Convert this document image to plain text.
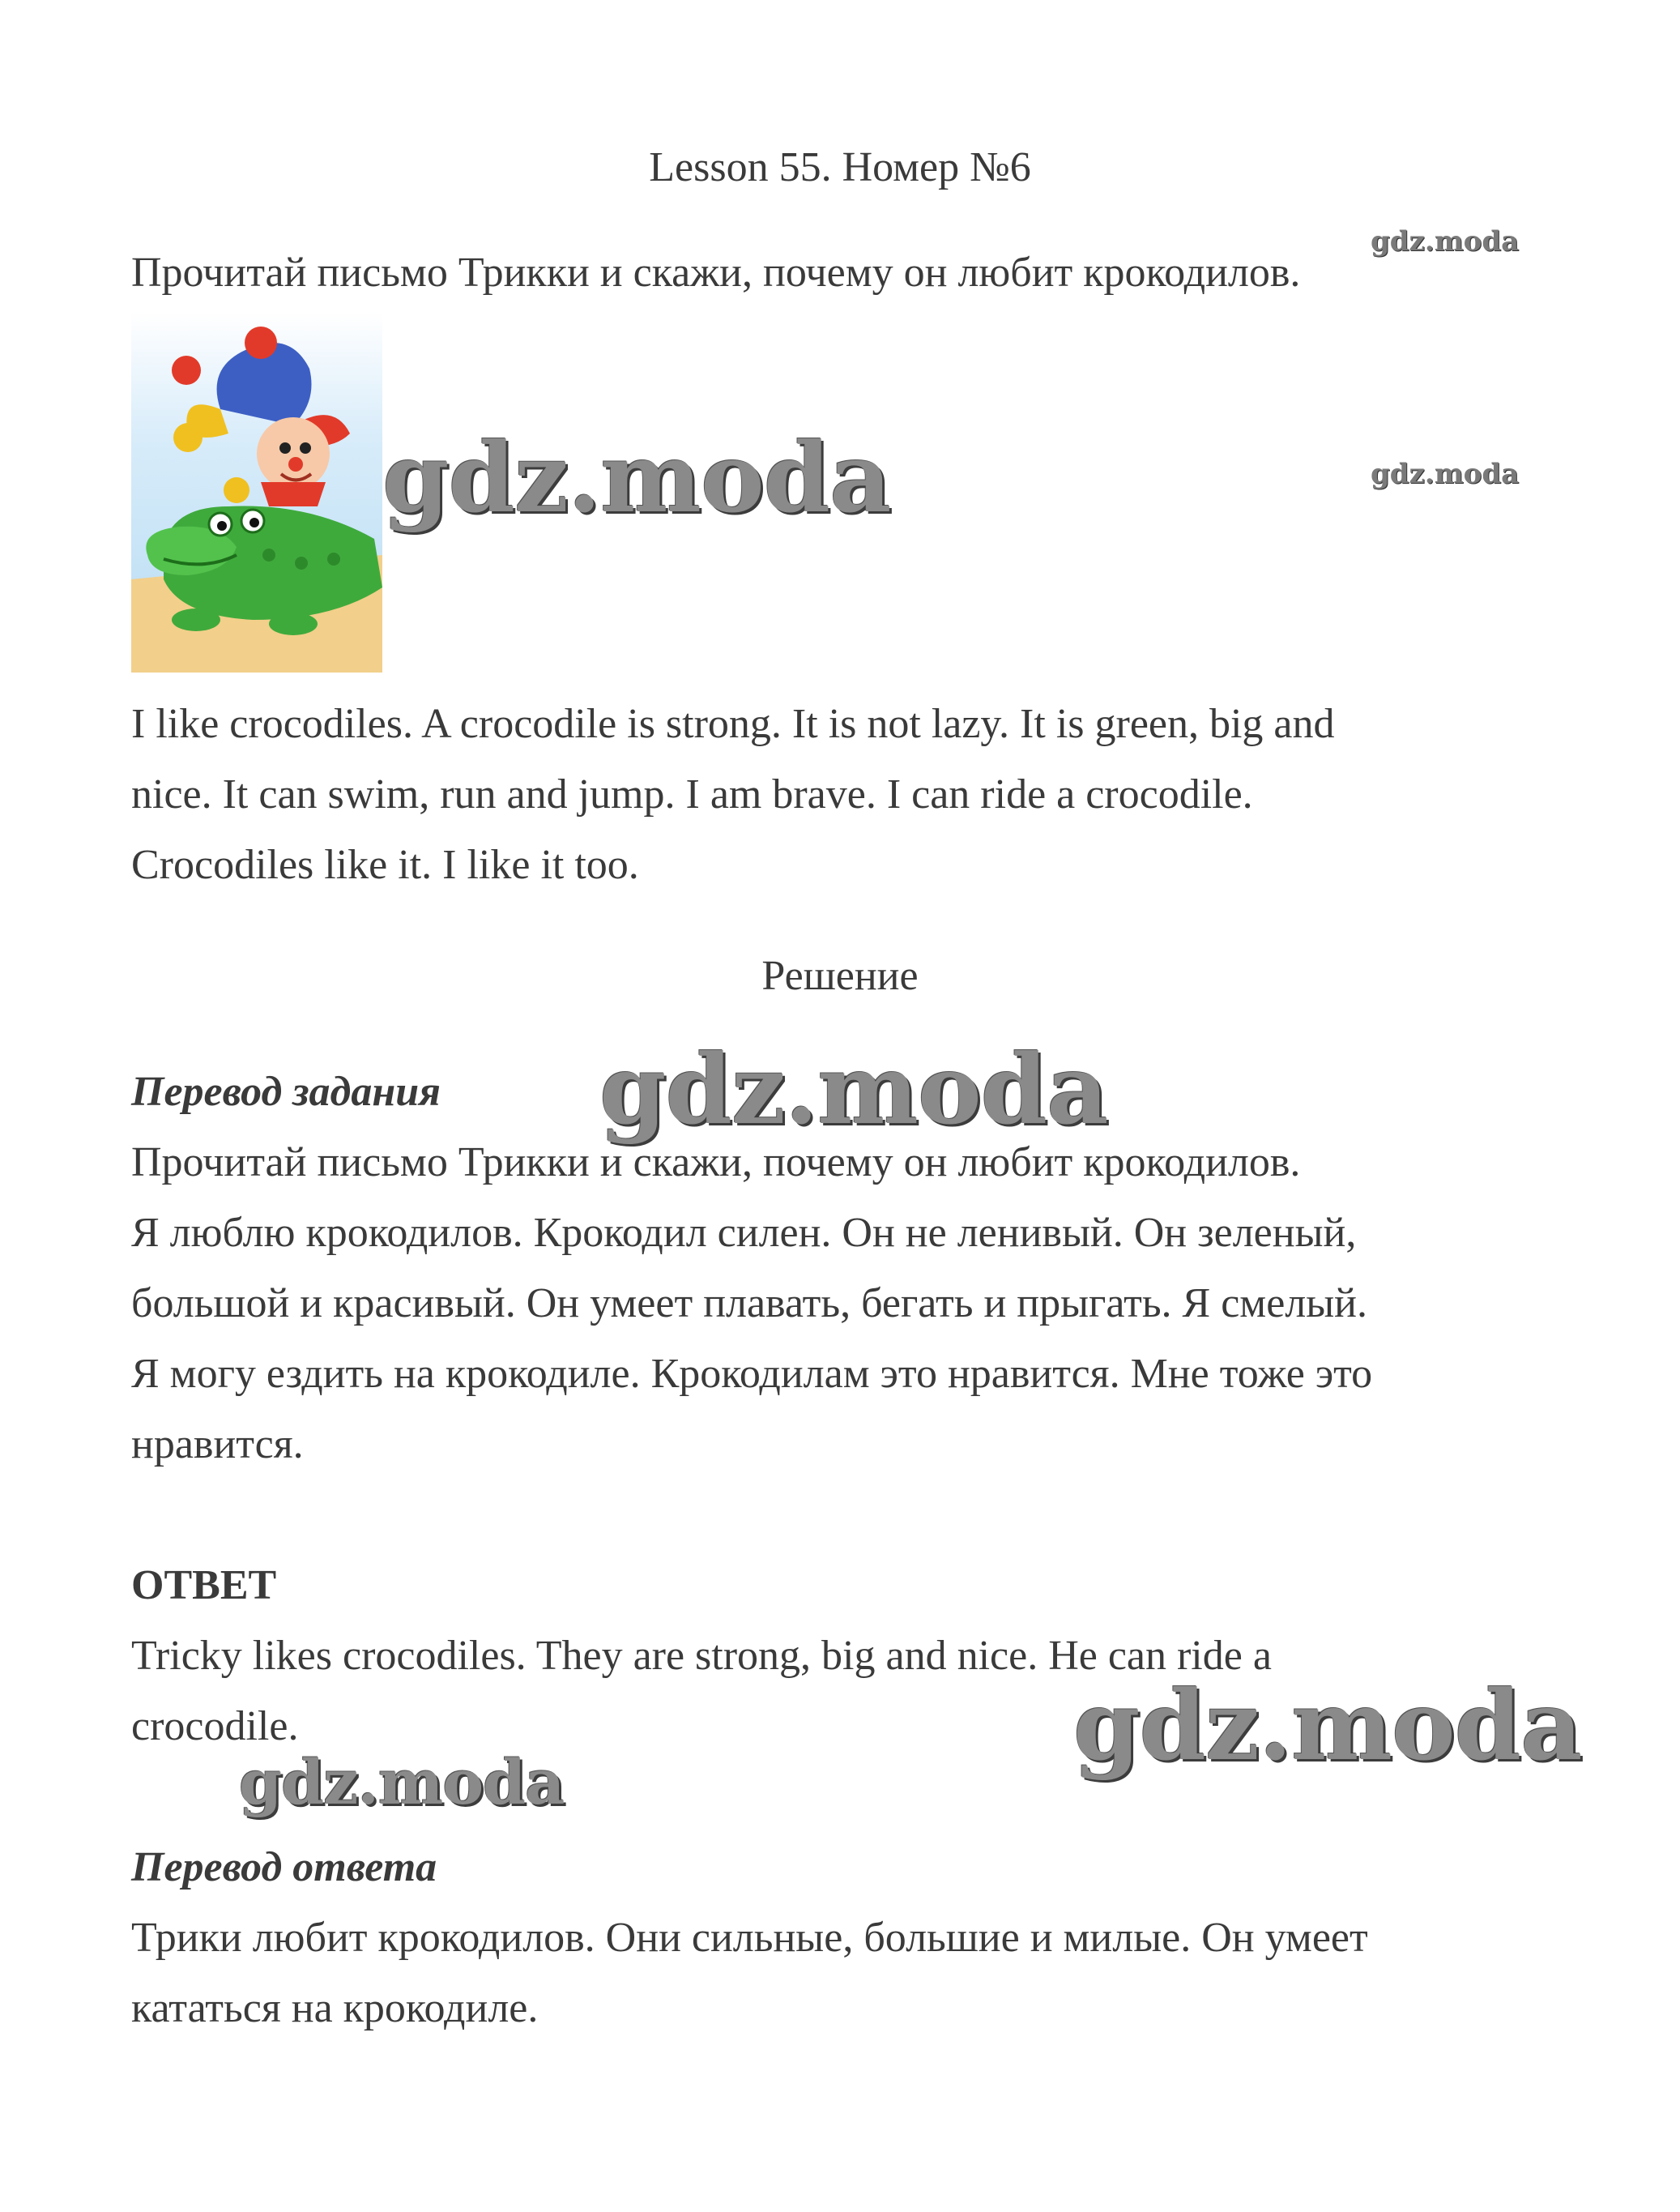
Lesson 55. Номер №6
gdz.moda
Прочитай письмо Трикки и скажи, почему он любит крокодилов.
gdz.moda	gdz.moda
I like crocodiles. A crocodile is strong. It is not lazy. It is green, big and
nice. It can swim, run and jump. I am brave. I can ride a crocodile.
Crocodiles like it. I like it too.
Решение
Перевод задания gdz.moda
Прочитай письмо Трикки и скажи, почему он любит крокодилов.
Я люблю крокодилов. Крокодил силен. Он не ленивый. Он зеленый,
большой и красивый. Он умеет плавать, бегать и прыгать. Я смелый.
Я могу ездить на крокодиле. Крокодилам это нравится. Мне тоже это
нравится.
ОТВЕТ
Tricky likes crocodiles. They are strong, big and nice. He can ride a
crocodile.	gdz.moda
gdz.moda
Перевод ответа
Трики любит крокодилов. Они сильные, большие и милые. Он умеет
кататься на крокодиле.
